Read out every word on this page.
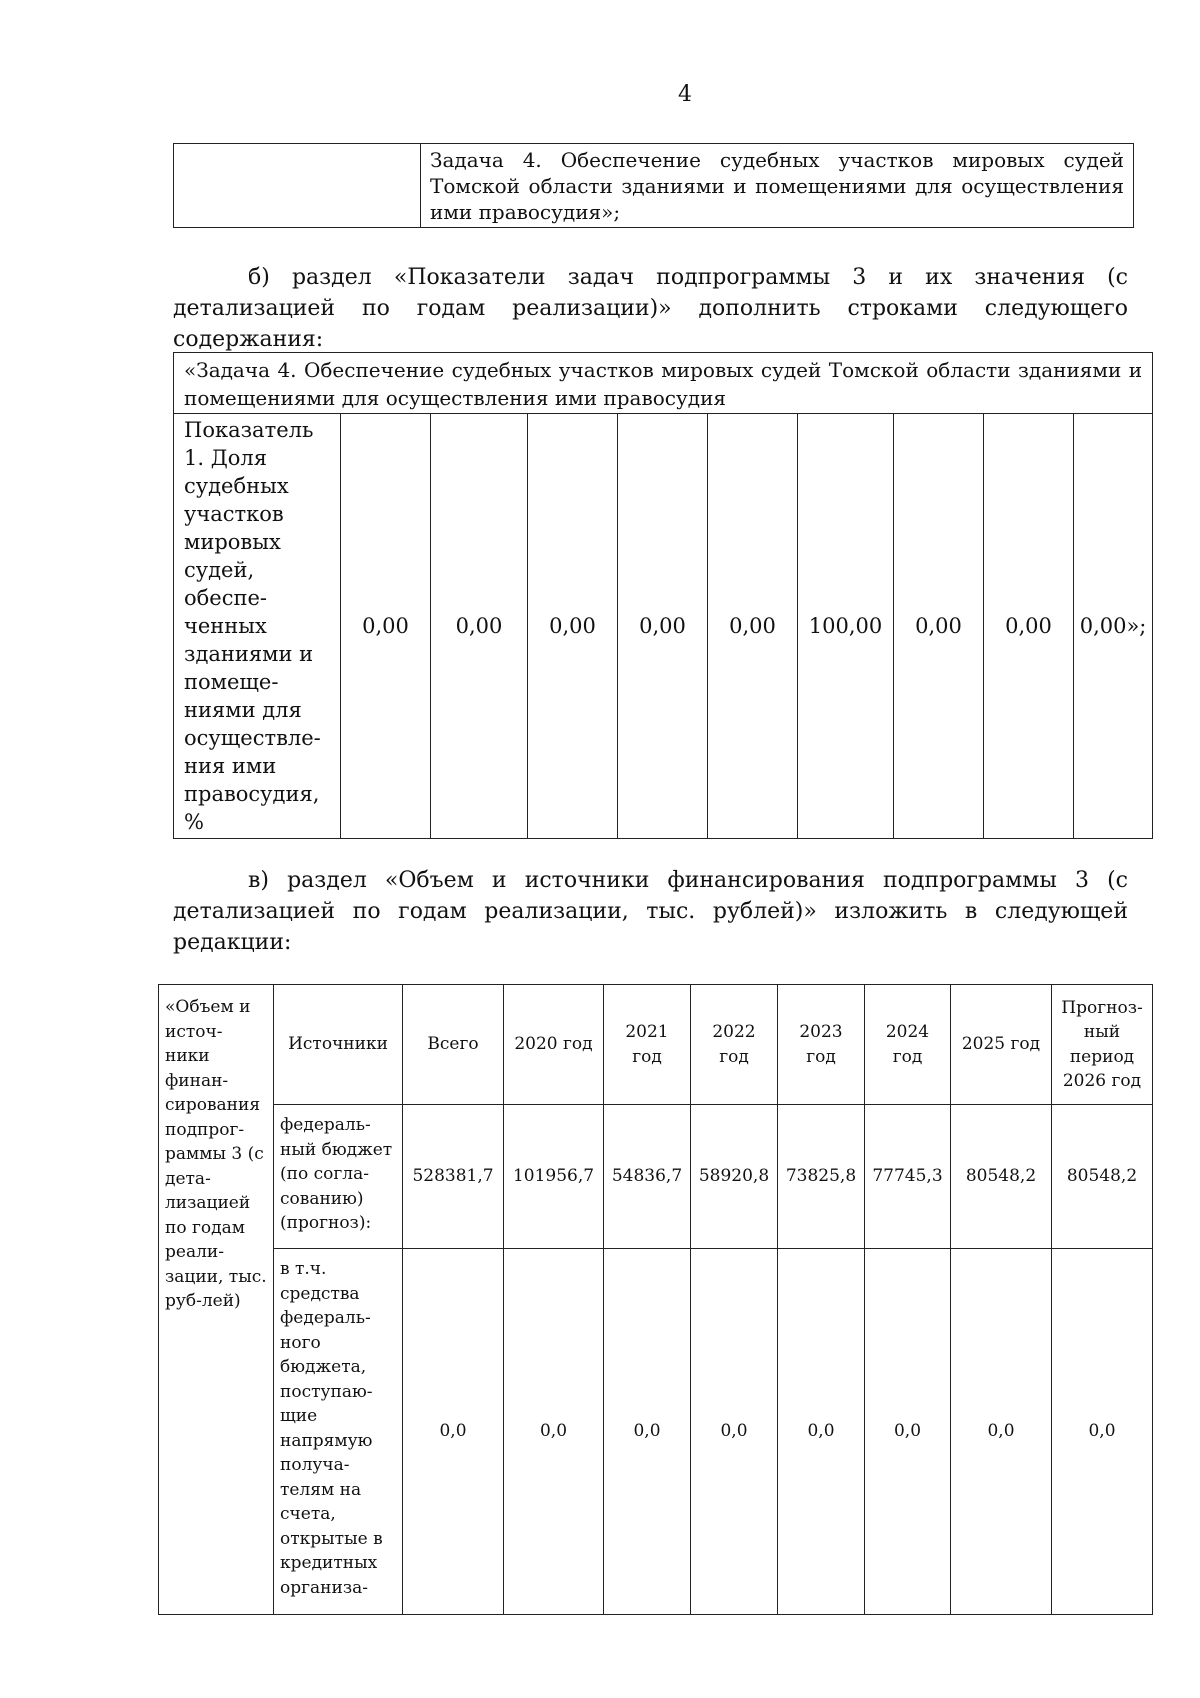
4
	Задача 4. Обеспечение судебных участков мировых судей Томской области зданиями и помещениями для осуществления ими правосудия»;
б) раздел «Показатели задач подпрограммы 3 и их значения (с детализацией по годам реализации)» дополнить строками следующего содержания:
«Задача 4. Обеспечение судебных участков мировых судей Томской области зданиями и помещениями для осуществления ими правосудия
Показатель 1. Доля судебных участков мировых судей, обеспе-ченных зданиями и помеще-ниями для осуществле-ния ими правосудия, %	0,00	0,00	0,00	0,00	0,00	100,00	0,00	0,00	0,00»;
в) раздел «Объем и источники финансирования подпрограммы 3 (с детализацией по годам реализации, тыс. рублей)» изложить в следующей редакции:
«Объем и источ-ники финан-сирования подпрог-раммы 3 (с дета-лизацией по годам реали-зации, тыс. руб-лей)	Источники	Всего	2020 год	2021 год	2022 год	2023 год	2024 год	2025 год	Прогноз-ный период 2026 год
	федераль-ный бюджет (по согла-сованию) (прогноз):	528381,7	101956,7	54836,7	58920,8	73825,8	77745,3	80548,2	80548,2
	в т.ч. средства федераль-ного бюджета, поступаю-щие напрямую получа-телям на счета, открытые в кредитных организа-	0,0	0,0	0,0	0,0	0,0	0,0	0,0	0,0
